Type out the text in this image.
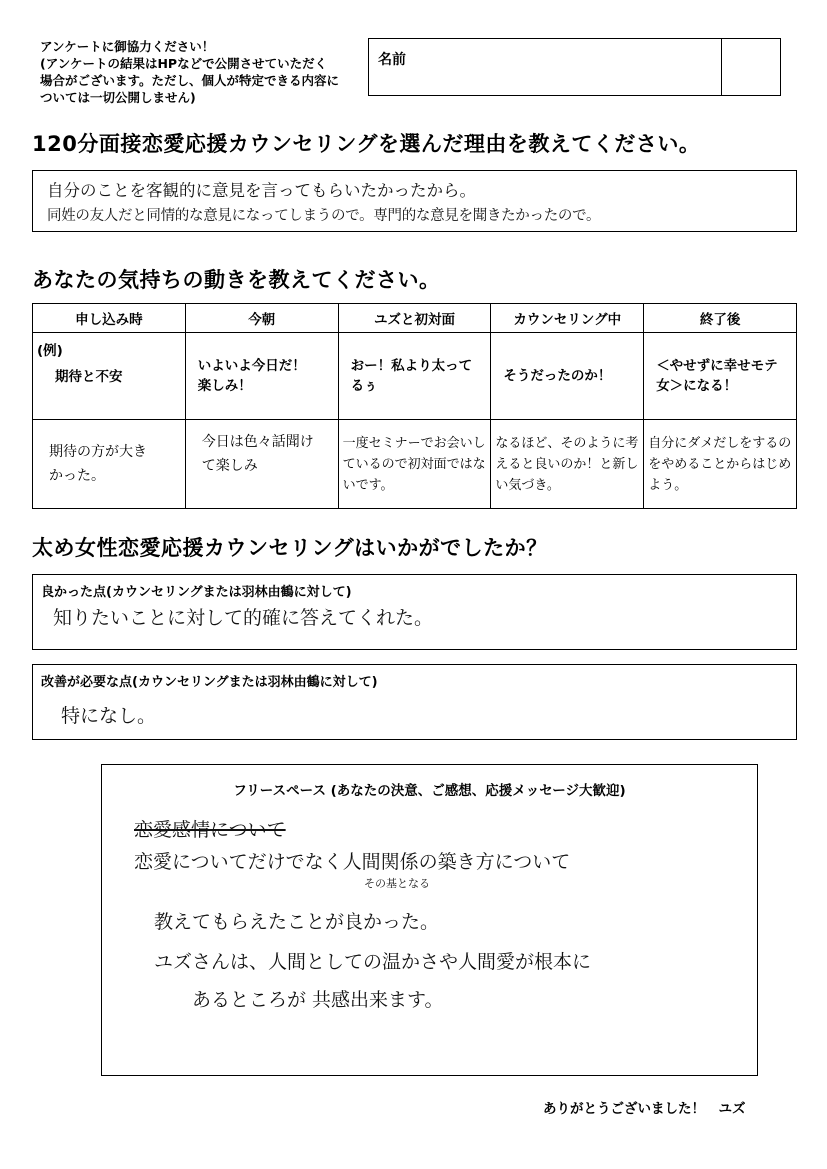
アンケートに御協力ください！
(アンケートの結果はHPなどで公開させていただく
場合がございます。ただし、個人が特定できる内容に
ついては一切公開しません)
名前
120分面接恋愛応援カウンセリングを選んだ理由を教えてください。
自分のことを客観的に意見を言ってもらいたかったから。
同姓の友人だと同情的な意見になってしまうので。専門的な意見を聞きたかったので。
あなたの気持ちの動きを教えてください。
申し込み時	今朝	ユズと初対面	カウンセリング中	終了後

(例)
期待と不安	いよいよ今日だ！楽しみ！	おー！私より太ってるぅ	そうだったのか！	＜やせずに幸せモテ女＞になる！

期待の方が大きかった。	今日は色々話聞けて楽しみ	一度セミナーでお会いしているので初対面ではないです。	なるほど、そのように考えると良いのか！と新しい気づき。	自分にダメだしをするのをやめることからはじめよう。
太め女性恋愛応援カウンセリングはいかがでしたか？
良かった点(カウンセリングまたは羽林由鶴に対して)
知りたいことに対して的確に答えてくれた。
改善が必要な点(カウンセリングまたは羽林由鶴に対して)
特になし。
フリースペース (あなたの決意、ご感想、応援メッセージ大歓迎)
恋愛感情について
恋愛についてだけでなく人間関係の築き方について
その基となる
教えてもらえたことが良かった。
ユズさんは、人間としての温かさや人間愛が根本に
あるところが 共感出来ます。
ありがとうございました！　ユズ
